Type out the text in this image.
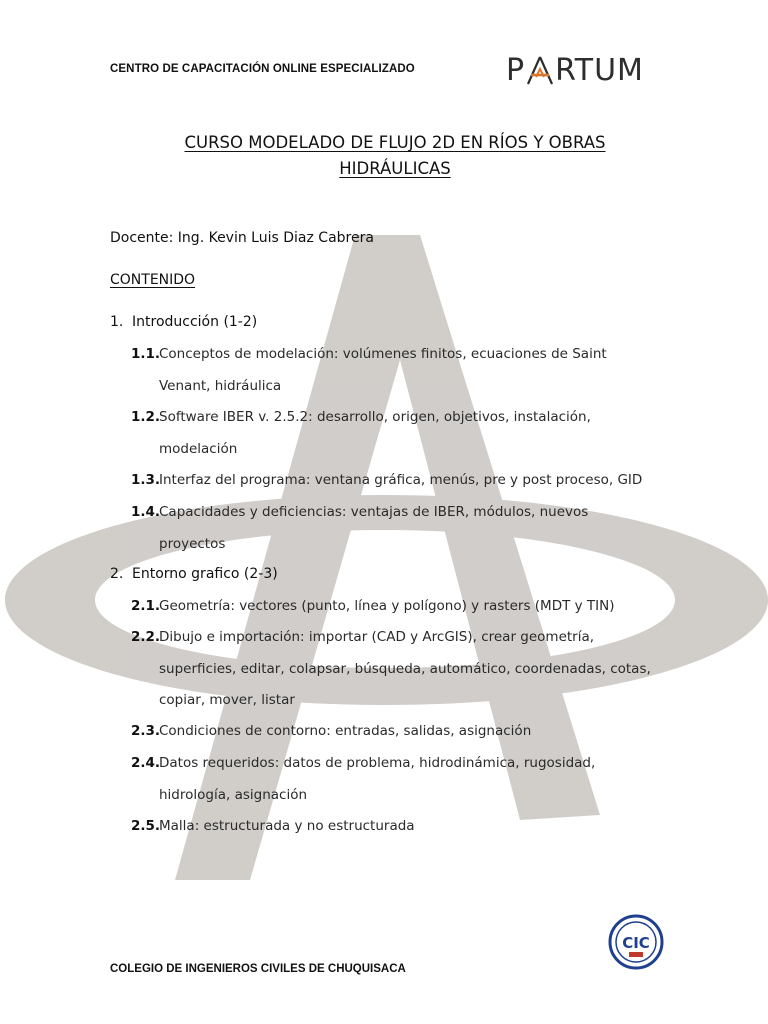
CENTRO DE CAPACITACIÓN ONLINE ESPECIALIZADO	P RTUM
CURSO MODELADO DE FLUJO 2D EN RÍOS Y OBRAS
HIDRÁULICAS
Docente: Ing. Kevin Luis Diaz Cabrera
CONTENIDO
1. Introducción (1-2)
1.1.
Conceptos de modelación: volúmenes finitos, ecuaciones de Saint Venant, hidráulica
1.2.
Software IBER v. 2.5.2: desarrollo, origen, objetivos, instalación, modelación
1.3.
Interfaz del programa: ventana gráfica, menús, pre y post proceso, GID
1.4.
Capacidades y deficiencias: ventajas de IBER, módulos, nuevos proyectos
2. Entorno grafico (2-3)
2.1.
Geometría: vectores (punto, línea y polígono) y rasters (MDT y TIN)
2.2.
Dibujo e importación: importar (CAD y ArcGIS), crear geometría, superficies, editar, colapsar, búsqueda, automático, coordenadas, cotas, copiar, mover, listar
2.3.
Condiciones de contorno: entradas, salidas, asignación
2.4.
Datos requeridos: datos de problema, hidrodinámica, rugosidad, hidrología, asignación
2.5.
Malla: estructurada y no estructurada
COLEGIO DE INGENIEROS CIVILES DE CHUQUISACA
CIC
